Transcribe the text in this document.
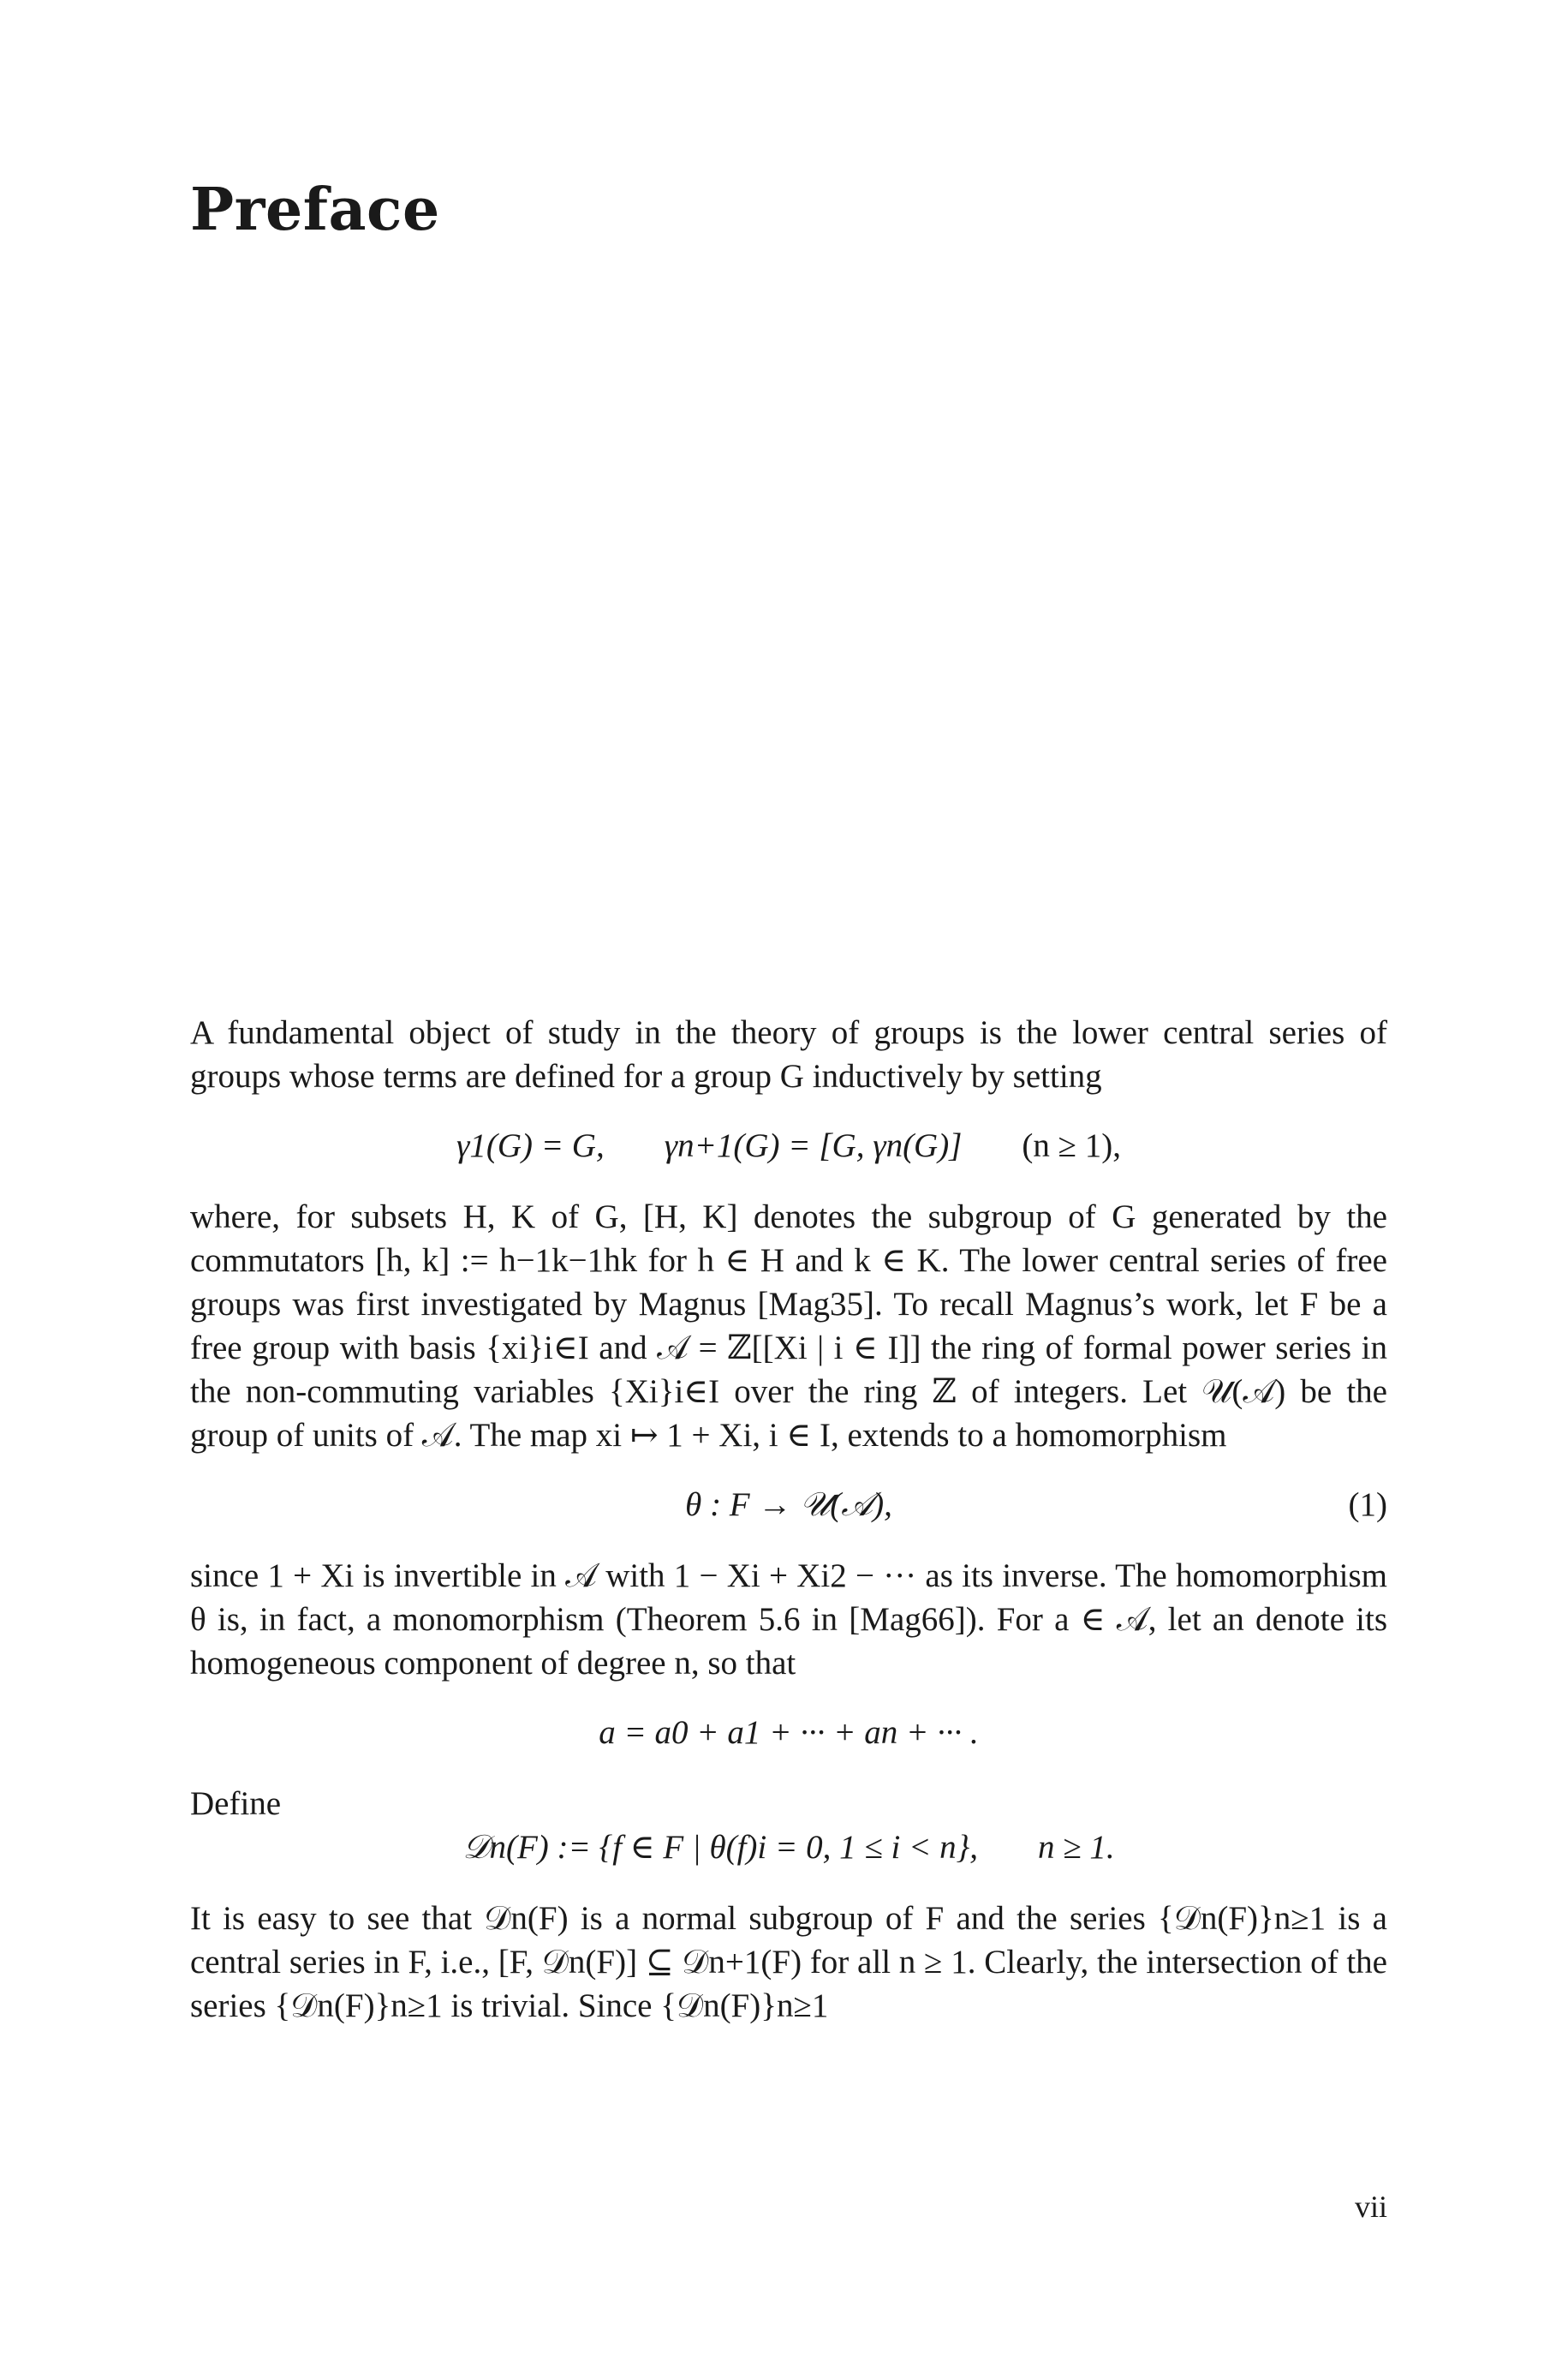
Preface

A fundamental object of study in the theory of groups is the lower central series of groups whose terms are defined for a group G inductively by setting

γ1(G) = G, γn+1(G) = [G, γn(G)] (n ≥ 1),

where, for subsets H, K of G, [H, K] denotes the subgroup of G generated by the commutators [h, k] := h−1k−1hk for h ∈ H and k ∈ K. The lower central series of free groups was first investigated by Magnus [Mag35]. To recall Magnus’s work, let F be a free group with basis {xi}i∈I and 𝒜 = ℤ[[Xi | i ∈ I]] the ring of formal power series in the non-commuting variables {Xi}i∈I over the ring ℤ of integers. Let 𝒰(𝒜) be the group of units of 𝒜. The map xi ↦ 1 + Xi, i ∈ I, extends to a homomorphism

θ : F → 𝒰(𝒜),	(1)

since 1 + Xi is invertible in 𝒜 with 1 − Xi + Xi2 − ··· as its inverse. The homomorphism θ is, in fact, a monomorphism (Theorem 5.6 in [Mag66]). For a ∈ 𝒜, let an denote its homogeneous component of degree n, so that

a = a0 + a1 + ··· + an + ··· .

Define

𝒟n(F) := {f ∈ F | θ(f)i = 0, 1 ≤ i < n}, n ≥ 1.

It is easy to see that 𝒟n(F) is a normal subgroup of F and the series {𝒟n(F)}n≥1 is a central series in F, i.e., [F, 𝒟n(F)] ⊆ 𝒟n+1(F) for all n ≥ 1. Clearly, the intersection of the series {𝒟n(F)}n≥1 is trivial. Since {𝒟n(F)}n≥1

vii
